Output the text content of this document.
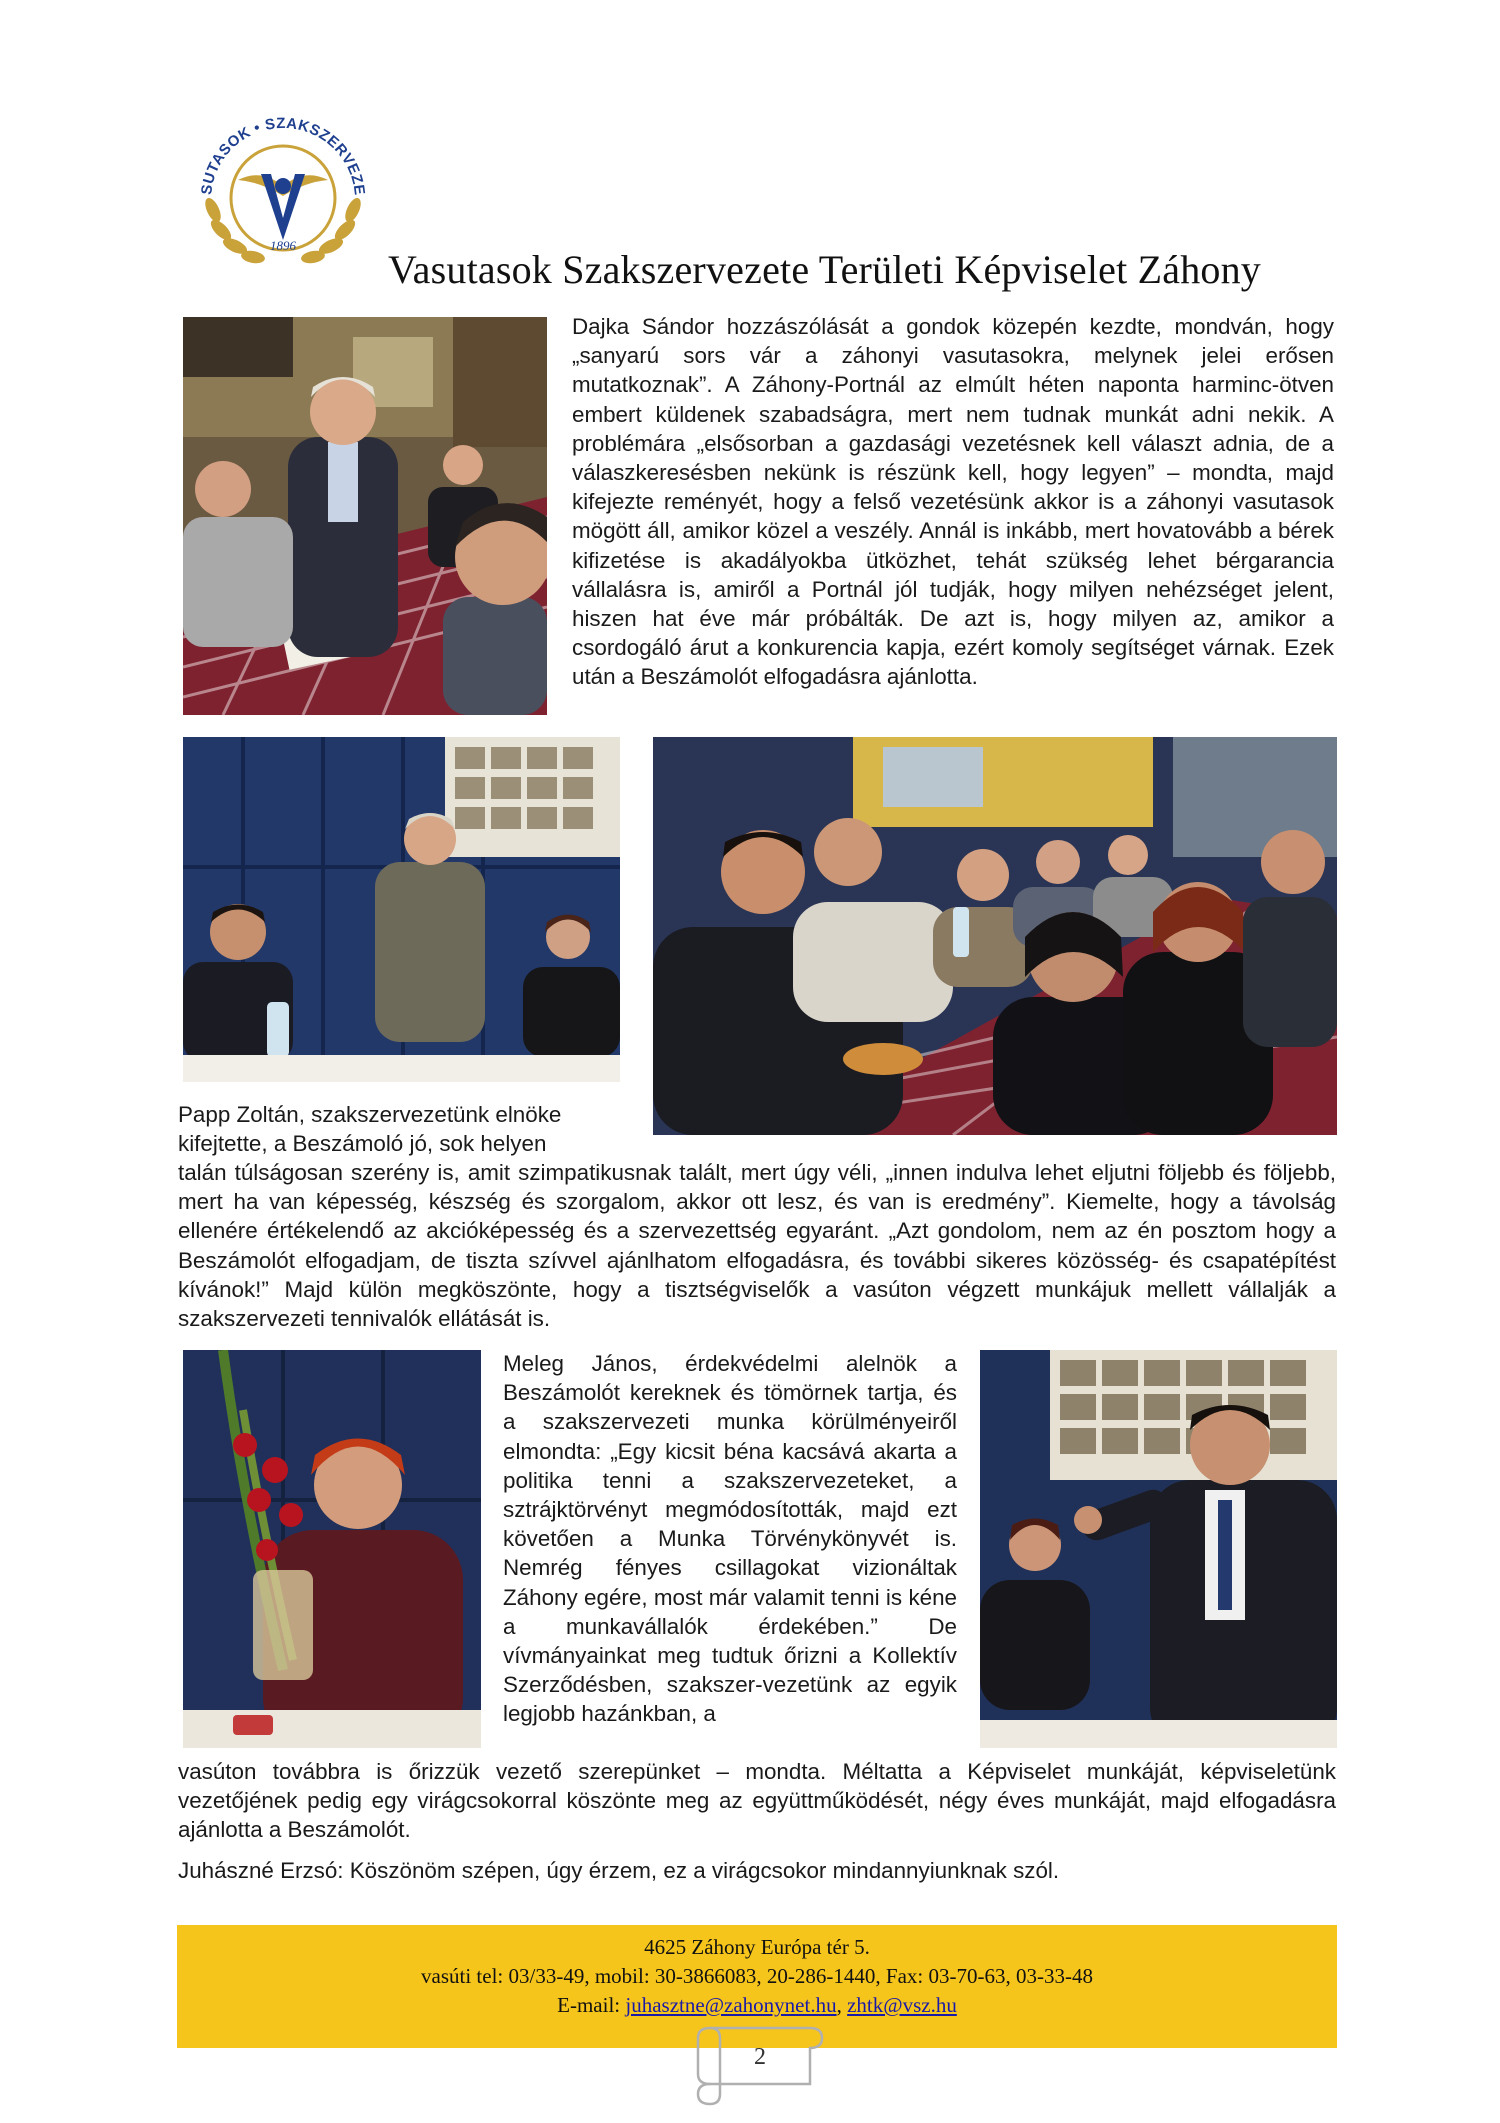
SUTASOK • SZAKSZERVEZE
1896
Vasutasok Szakszervezete Területi Képviselet Záhony

Dajka Sándor hozzászólását a gondok közepén kezdte, mondván, hogy „sanyarú sors vár a záhonyi vasutasokra, melynek jelei erősen mutatkoznak”. A Záhony-Portnál az elmúlt héten naponta harminc-ötven embert küldenek szabadságra, mert nem tudnak munkát adni nekik. A problémára „elsősorban a gazdasági vezetésnek kell választ adnia, de a válaszkeresésben nekünk is részünk kell, hogy legyen” – mondta, majd kifejezte reményét, hogy a felső vezetésünk akkor is a záhonyi vasutasok mögött áll, amikor közel a veszély. Annál is inkább, mert hovatovább a bérek kifizetése is akadályokba ütközhet, tehát szükség lehet bérgarancia vállalásra is, amiről a Portnál jól tudják, hogy milyen nehézséget jelent, hiszen hat éve már próbálták. De azt is, hogy milyen az, amikor a csordogáló árut a konkurencia kapja, ezért komoly segítséget várnak. Ezek után a Beszámolót elfogadásra ajánlotta.

Papp Zoltán, szakszervezetünk elnöke
kifejtette, a Beszámoló jó, sok helyen

talán túlságosan szerény is, amit szimpatikusnak talált, mert úgy véli, „innen indulva lehet eljutni följebb és följebb, mert ha van képesség, készség és szorgalom, akkor ott lesz, és van is eredmény”. Kiemelte, hogy a távolság ellenére értékelendő az akcióképesség és a szervezettség egyaránt. „Azt gondolom, nem az én posztom hogy a Beszámolót elfogadjam, de tiszta szívvel ajánlhatom elfogadásra, és további sikeres közösség- és csapatépítést kívánok!” Majd külön megköszönte, hogy a tisztségviselők a vasúton végzett munkájuk mellett vállalják a szakszervezeti tennivalók ellátását is.

Meleg János, érdekvédelmi alelnök a Beszámolót kereknek és tömörnek tartja, és a szakszervezeti munka körülményeiről elmondta: „Egy kicsit béna kacsává akarta a politika tenni a szakszervezeteket, a sztrájktörvényt megmódosították, majd ezt követően a Munka Törvénykönyvét is. Nemrég fényes csillagokat vizionáltak Záhony egére, most már valamit tenni is kéne a munkavállalók érdekében.” De vívmányainkat meg tudtuk őrizni a Kollektív Szerződésben, szakszer-vezetünk az egyik legjobb hazánkban, a

vasúton továbbra is őrizzük vezető szerepünket – mondta. Méltatta a Képviselet munkáját, képviseletünk vezetőjének pedig egy virágcsokorral köszönte meg az együttműködését, négy éves munkáját, majd elfogadásra ajánlotta a Beszámolót.

Juhászné Erzsó: Köszönöm szépen, úgy érzem, ez a virágcsokor mindannyiunknak szól.

4625 Záhony Európa tér 5.
vasúti tel: 03/33-49, mobil: 30-3866083, 20-286-1440, Fax: 03-70-63, 03-33-48
E-mail: juhasztne@zahonynet.hu, zhtk@vsz.hu
2
